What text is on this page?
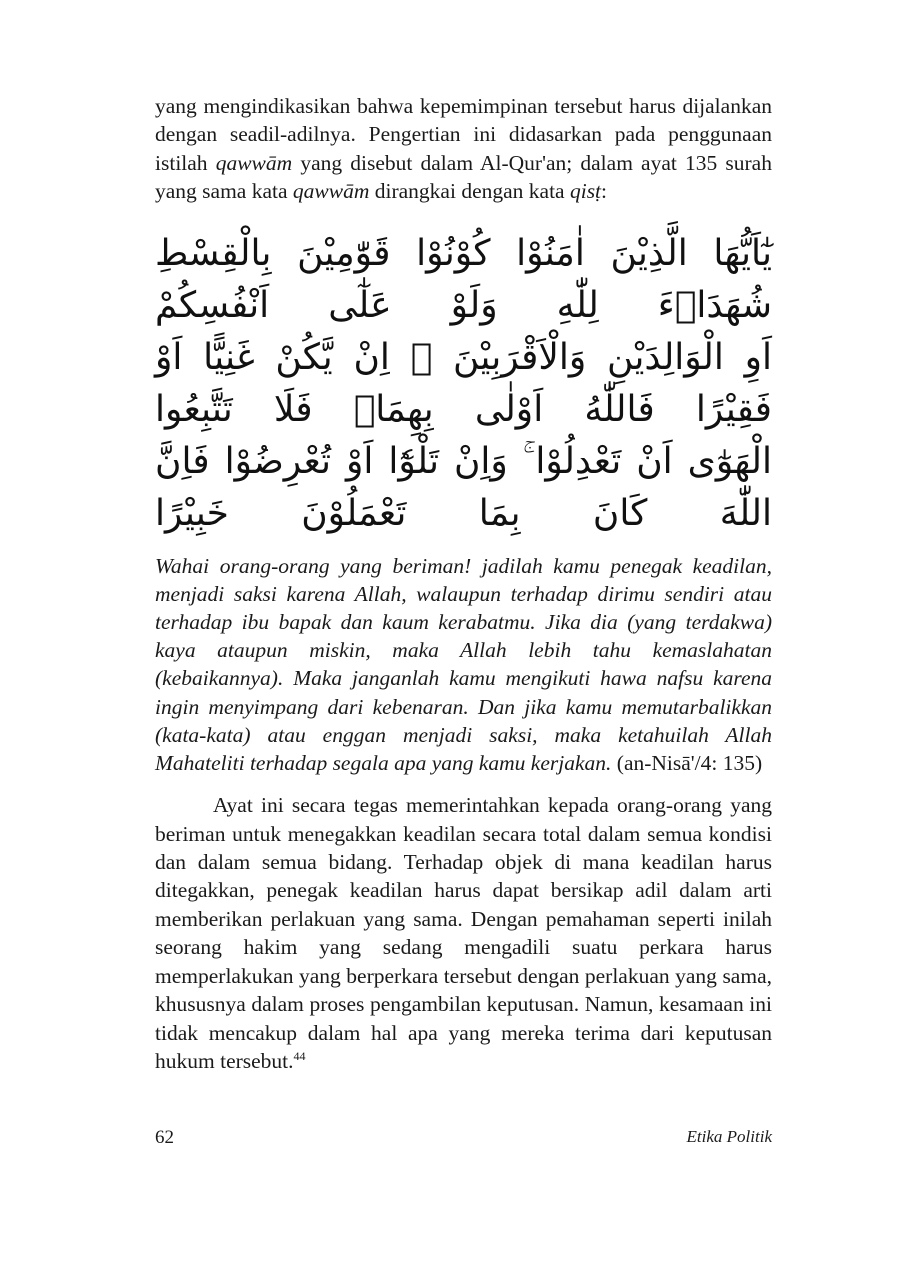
yang mengindikasikan bahwa kepemimpinan tersebut harus dijalankan dengan seadil-adilnya. Pengertian ini didasarkan pada penggunaan istilah qawwām yang disebut dalam Al-Qur'an; dalam ayat 135 surah yang sama kata qawwām dirangkai dengan kata qisṭ:

يٰٓاَيُّهَا الَّذِيْنَ اٰمَنُوْا كُوْنُوْا قَوّٰمِيْنَ بِالْقِسْطِ شُهَدَاۤءَ لِلّٰهِ وَلَوْ عَلٰٓى اَنْفُسِكُمْ
اَوِ الْوَالِدَيْنِ وَالْاَقْرَبِيْنَ ۚ اِنْ يَّكُنْ غَنِيًّا اَوْ فَقِيْرًا فَاللّٰهُ اَوْلٰى بِهِمَاۗ فَلَا تَتَّبِعُوا
الْهَوٰٓى اَنْ تَعْدِلُوْا ۚ وَاِنْ تَلْوٗٓا اَوْ تُعْرِضُوْا فَاِنَّ اللّٰهَ كَانَ بِمَا تَعْمَلُوْنَ خَبِيْرًا

Wahai orang-orang yang beriman! jadilah kamu penegak keadilan, menjadi saksi karena Allah, walaupun terhadap dirimu sendiri atau terhadap ibu bapak dan kaum kerabatmu. Jika dia (yang terdakwa) kaya ataupun miskin, maka Allah lebih tahu kemaslahatan (kebaikannya). Maka janganlah kamu mengikuti hawa nafsu karena ingin menyimpang dari kebenaran. Dan jika kamu memutarbalikkan (kata-kata) atau enggan menjadi saksi, maka ketahuilah Allah Mahateliti terhadap segala apa yang kamu kerjakan. (an-Nisā'/4: 135)

Ayat ini secara tegas memerintahkan kepada orang-orang yang beriman untuk menegakkan keadilan secara total dalam semua kondisi dan dalam semua bidang. Terhadap objek di mana keadilan harus ditegakkan, penegak keadilan harus dapat bersikap adil dalam arti memberikan perlakuan yang sama. Dengan pemahaman seperti inilah seorang hakim yang sedang mengadili suatu perkara harus memperlakukan yang berperkara tersebut dengan perlakuan yang sama, khususnya dalam proses pengambilan keputusan. Namun, kesamaan ini tidak mencakup dalam hal apa yang mereka terima dari keputusan hukum tersebut.$^{44}$

62	Etika Politik
